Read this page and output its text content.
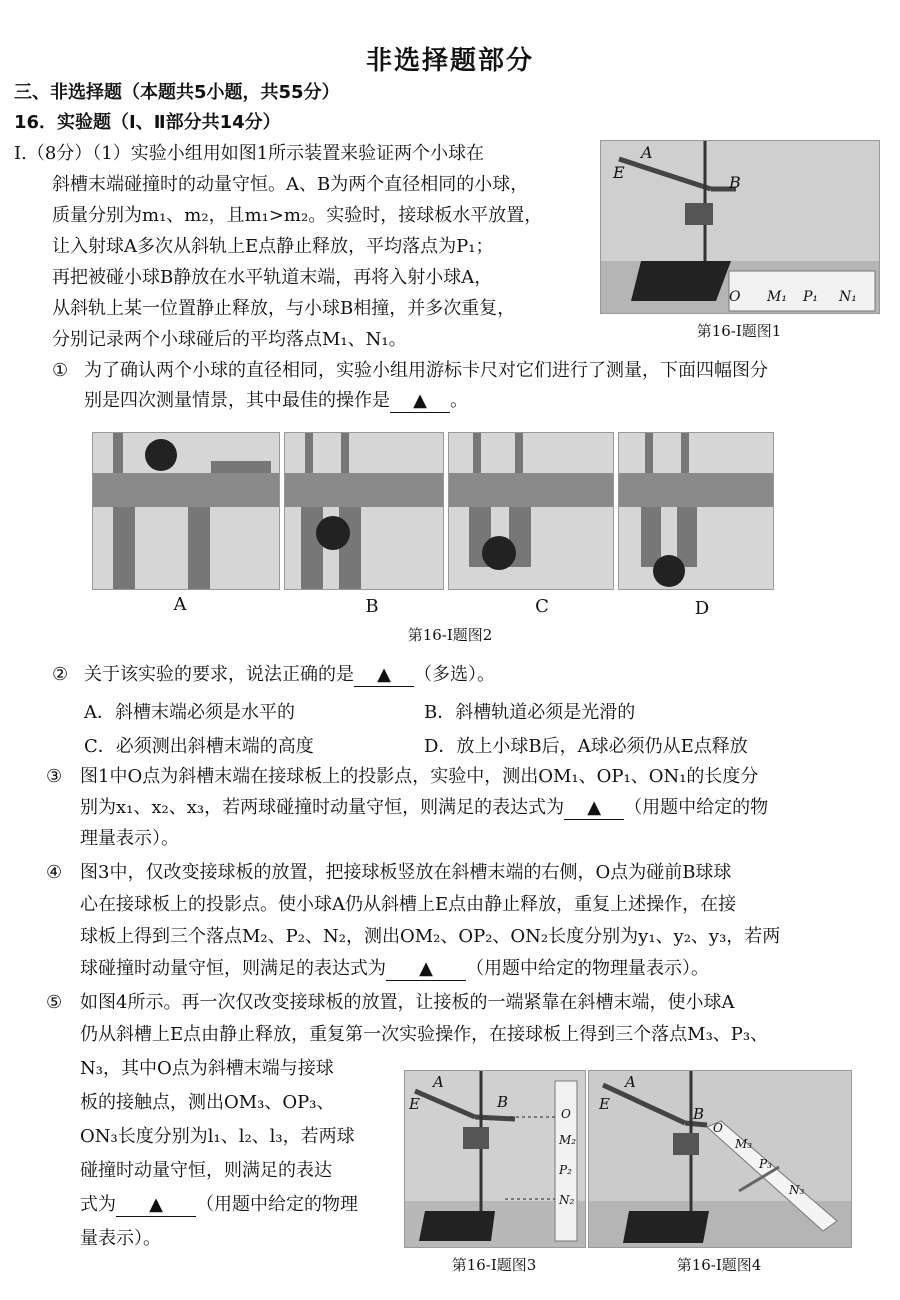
非选择题部分
三、非选择题（本题共5小题，共55分）
16．实验题（Ⅰ、Ⅱ部分共14分）
Ⅰ.（8分）（1）实验小组用如图1所示装置来验证两个小球在
斜槽末端碰撞时的动量守恒。A、B为两个直径相同的小球，
质量分别为m₁、m₂，且m₁>m₂。实验时，接球板水平放置，
让入射球A多次从斜轨上E点静止释放，平均落点为P₁；
再把被碰小球B静放在水平轨道末端，再将入射小球A，
从斜轨上某一位置静止释放，与小球B相撞，并多次重复，
分别记录两个小球碰后的平均落点M₁、N₁。
A
E
B
O M₁ P₁ N₁
第16-Ⅰ题图1
① 为了确认两个小球的直径相同，实验小组用游标卡尺对它们进行了测量，下面四幅图分
别是四次测量情景，其中最佳的操作是 ▲ 。
A	B	C	D
第16-Ⅰ题图2
② 关于该实验的要求，说法正确的是 ▲ （多选）。
A．斜槽末端必须是水平的	B．斜槽轨道必须是光滑的
C．必须测出斜槽末端的高度	D．放上小球B后，A球必须仍从E点释放
③ 图1中O点为斜槽末端在接球板上的投影点，实验中，测出OM₁、OP₁、ON₁的长度分
别为x₁、x₂、x₃，若两球碰撞时动量守恒，则满足的表达式为 ▲ （用题中给定的物
理量表示）。
④ 图3中，仅改变接球板的放置，把接球板竖放在斜槽末端的右侧，O点为碰前B球球
心在接球板上的投影点。使小球A仍从斜槽上E点由静止释放，重复上述操作，在接
球板上得到三个落点M₂、P₂、N₂，测出OM₂、OP₂、ON₂长度分别为y₁、y₂、y₃，若两
球碰撞时动量守恒，则满足的表达式为 ▲ （用题中给定的物理量表示）。
⑤ 如图4所示。再一次仅改变接球板的放置，让接板的一端紧靠在斜槽末端，使小球A
仍从斜槽上E点由静止释放，重复第一次实验操作，在接球板上得到三个落点M₃、P₃、
N₃，其中O点为斜槽末端与接球
板的接触点，测出OM₃、OP₃、
ON₃长度分别为l₁、l₂、l₃，若两球
碰撞时动量守恒，则满足的表达
式为 ▲ （用题中给定的物理
量表示）。
A
E	B
O
M₂
P₂
N₂
第16-Ⅰ题图3
A
E
B
O
M₃
P₃
N₃
第16-Ⅰ题图4
